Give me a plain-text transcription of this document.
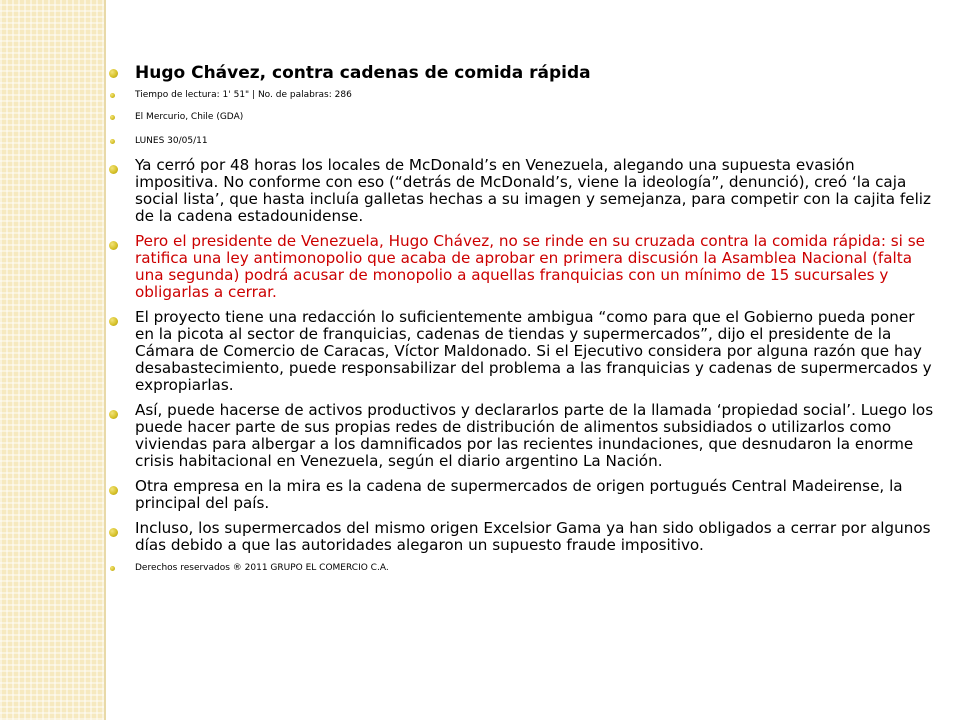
Hugo Chávez, contra cadenas de comida rápida
Tiempo de lectura: 1' 51" | No. de palabras: 286
El Mercurio, Chile (GDA)
LUNES 30/05/11
Ya cerró por 48 horas los locales de McDonald’s en Venezuela, alegando una supuesta evasión impositiva. No conforme con eso (“detrás de McDonald’s, viene la ideología”, denunció), creó ‘la caja social lista’, que hasta incluía galletas hechas a su imagen y semejanza, para competir con la cajita feliz de la cadena estadounidense.
Pero el presidente de Venezuela, Hugo Chávez, no se rinde en su cruzada contra la comida rápida: si se ratifica una ley antimonopolio que acaba de aprobar en primera discusión la Asamblea Nacional (falta una segunda) podrá acusar de monopolio a aquellas franquicias con un mínimo de 15 sucursales y obligarlas a cerrar.
El proyecto tiene una redacción lo suficientemente ambigua “como para que el Gobierno pueda poner en la picota al sector de franquicias, cadenas de tiendas y supermercados”, dijo el presidente de la Cámara de Comercio de Caracas, Víctor Maldonado. Si el Ejecutivo considera por alguna razón que hay desabastecimiento, puede responsabilizar del problema a las franquicias y cadenas de supermercados y expropiarlas.
Así, puede hacerse de activos productivos y declararlos parte de la llamada ‘propiedad social’. Luego los puede hacer parte de sus propias redes de distribución de alimentos subsidiados o utilizarlos como viviendas para albergar a los damnificados por las recientes inundaciones, que desnudaron la enorme crisis habitacional en Venezuela, según el diario argentino La Nación.
Otra empresa en la mira es la cadena de supermercados de origen portugués Central Madeirense, la principal del país.
Incluso, los supermercados del mismo origen Excelsior Gama ya han sido obligados a cerrar por algunos días debido a que las autoridades alegaron un supuesto fraude impositivo.
Derechos reservados ® 2011 GRUPO EL COMERCIO C.A.
